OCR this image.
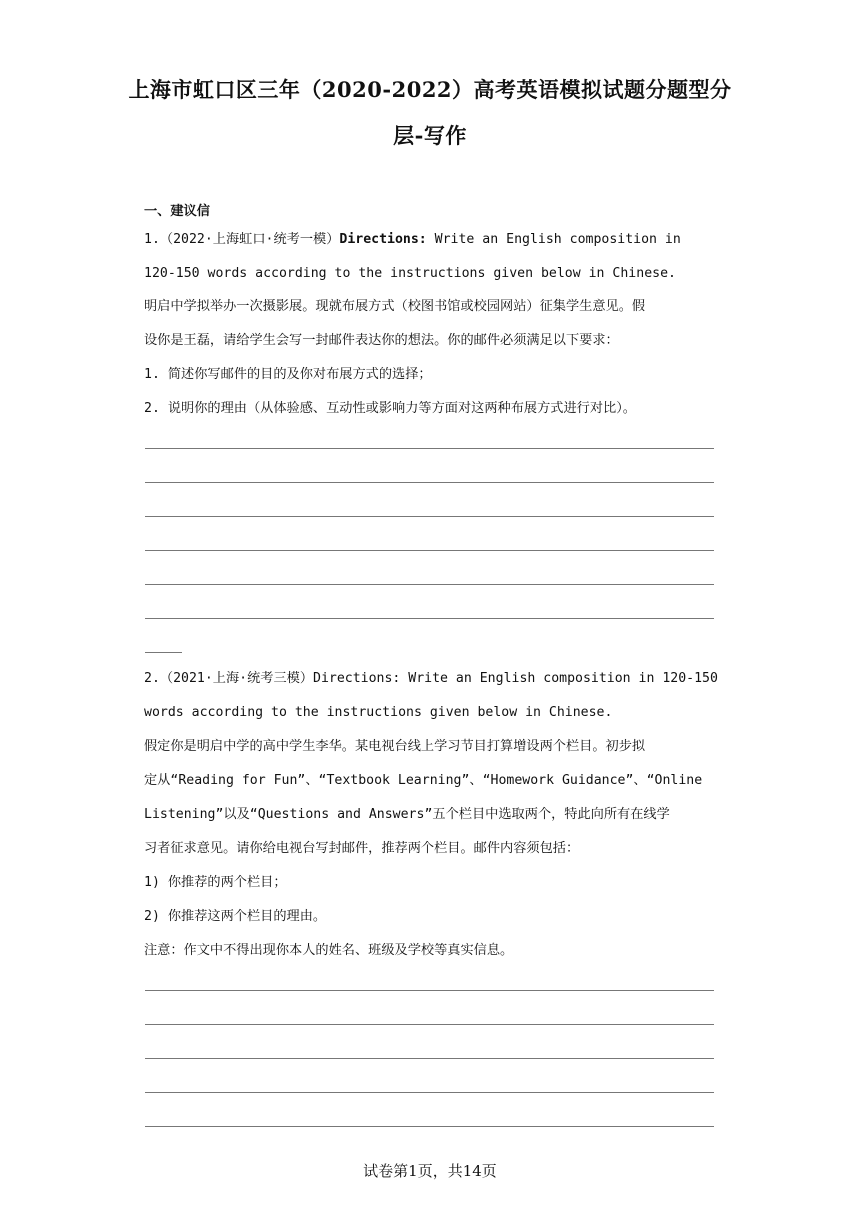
上海市虹口区三年（2020-2022）高考英语模拟试题分题型分
层-写作
一、建议信
1.（2022·上海虹口·统考一模）Directions: Write an English composition in
120-150 words according to the instructions given below in Chinese.
明启中学拟举办一次摄影展。现就布展方式（校图书馆或校园网站）征集学生意见。假
设你是王磊，请给学生会写一封邮件表达你的想法。你的邮件必须满足以下要求：
1. 简述你写邮件的目的及你对布展方式的选择；
2. 说明你的理由（从体验感、互动性或影响力等方面对这两种布展方式进行对比）。
2.（2021·上海·统考三模）Directions: Write an English composition in 120-150
words according to the instructions given below in Chinese.
假定你是明启中学的高中学生李华。某电视台线上学习节目打算增设两个栏目。初步拟
定从“Reading for Fun”、“Textbook Learning”、“Homework Guidance”、“Online
Listening”以及“Questions and Answers”五个栏目中选取两个，特此向所有在线学
习者征求意见。请你给电视台写封邮件，推荐两个栏目。邮件内容须包括：
1) 你推荐的两个栏目；
2) 你推荐这两个栏目的理由。
注意：作文中不得出现你本人的姓名、班级及学校等真实信息。
试卷第1页，共14页
